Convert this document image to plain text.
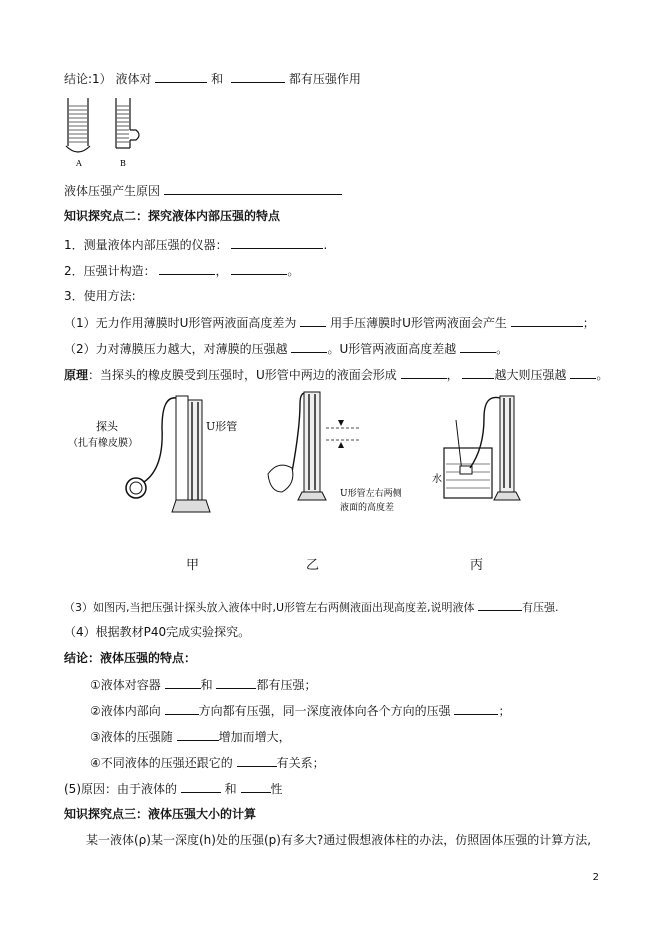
结论:1） 液体对	和	都有压强作用
A	B
液体压强产生原因
知识探究点二：探究液体内部压强的特点
1．测量液体内部压强的仪器：	.
2．压强计构造：	，	。
3．使用方法:
（1）无力作用薄膜时U形管两液面高度差为	用手压薄膜时U形管两液面会产生	；
（2）力对薄膜压力越大，对薄膜的压强越	。U形管两液面高度差越	。
原理：当探头的橡皮膜受到压强时，U形管中两边的液面会形成	，	越大则压强越 。
探头
（扎有橡皮膜）
U形管
U形管左右两侧
液面的高度差
水
甲	乙	丙
（3）如图丙,当把压强计探头放入液体中时,U形管左右两侧液面出现高度差,说明液体	有压强.
（4）根据教材P40完成实验探究。
结论：液体压强的特点：
①液体对容器	和	都有压强；
②液体内部向	方向都有压强，同一深度液体向各个方向的压强	；
③液体的压强随	增加而增大，
④不同液体的压强还跟它的	有关系；
(5)原因：由于液体的	和	性
知识探究点三：液体压强大小的计算
某一液体(ρ)某一深度(h)处的压强(p)有多大?通过假想液体柱的办法，仿照固体压强的计算方法,
2
